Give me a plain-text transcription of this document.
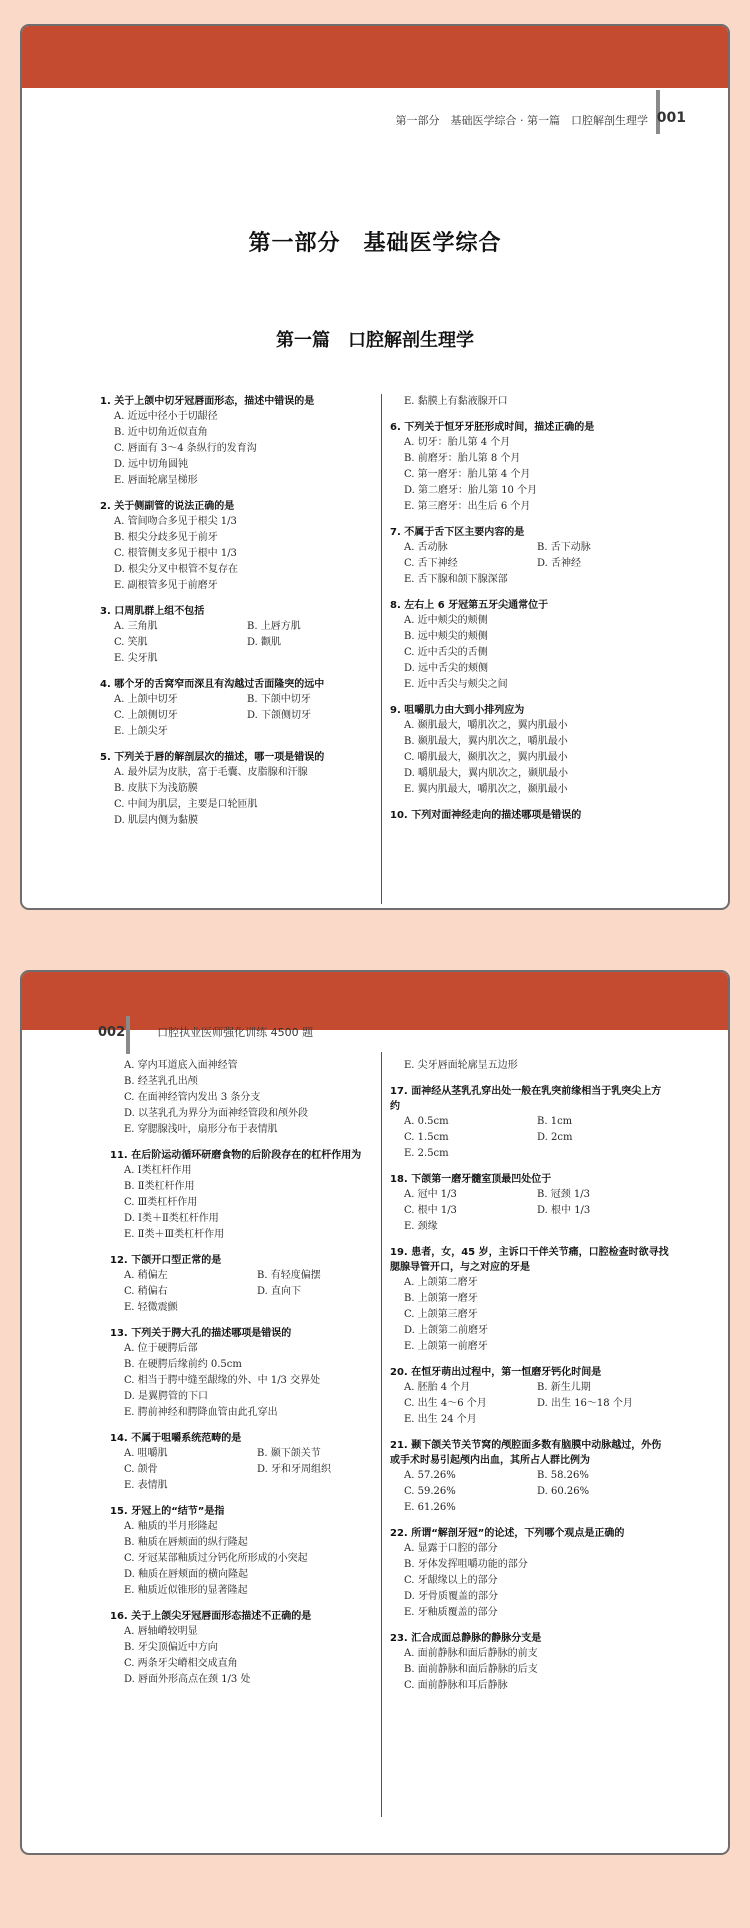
第一部分　基础医学综合 · 第一篇　口腔解剖生理学 001
第一部分　基础医学综合
第一篇　口腔解剖生理学
1. 关于上颌中切牙冠唇面形态，描述中错误的是
A. 近远中径小于切龈径
B. 近中切角近似直角
C. 唇面有 3～4 条纵行的发育沟
D. 远中切角圆钝
E. 唇面轮廓呈梯形
2. 关于侧副管的说法正确的是
A. 管间吻合多见于根尖 1/3
B. 根尖分歧多见于前牙
C. 根管侧支多见于根中 1/3
D. 根尖分叉中根管不复存在
E. 副根管多见于前磨牙
3. 口周肌群上组不包括
A. 三角肌	B. 上唇方肌
C. 笑肌	D. 颧肌
E. 尖牙肌
4. 哪个牙的舌窝窄而深且有沟越过舌面隆突的远中
A. 上颌中切牙	B. 下颌中切牙
C. 上颌侧切牙	D. 下颌侧切牙
E. 上颌尖牙
5. 下列关于唇的解剖层次的描述，哪一项是错误的
A. 最外层为皮肤，富于毛囊、皮脂腺和汗腺
B. 皮肤下为浅筋膜
C. 中间为肌层，主要是口轮匝肌
D. 肌层内侧为黏膜
E. 黏膜上有黏液腺开口
6. 下列关于恒牙牙胚形成时间，描述正确的是
A. 切牙：胎儿第 4 个月
B. 前磨牙：胎儿第 8 个月
C. 第一磨牙：胎儿第 4 个月
D. 第二磨牙：胎儿第 10 个月
E. 第三磨牙：出生后 6 个月
7. 不属于舌下区主要内容的是
A. 舌动脉	B. 舌下动脉
C. 舌下神经	D. 舌神经
E. 舌下腺和颌下腺深部
8. 左右上 6 牙冠第五牙尖通常位于
A. 近中颊尖的颊侧
B. 远中颊尖的颊侧
C. 近中舌尖的舌侧
D. 远中舌尖的颊侧
E. 近中舌尖与颊尖之间
9. 咀嚼肌力由大到小排列应为
A. 颞肌最大，嚼肌次之，翼内肌最小
B. 颞肌最大，翼内肌次之，嚼肌最小
C. 嚼肌最大，颞肌次之，翼内肌最小
D. 嚼肌最大，翼内肌次之，颞肌最小
E. 翼内肌最大，嚼肌次之，颞肌最小
10. 下列对面神经走向的描述哪项是错误的
002	口腔执业医师强化训练 4500 题
A. 穿内耳道底入面神经管
B. 经茎乳孔出颅
C. 在面神经管内发出 3 条分支
D. 以茎乳孔为界分为面神经管段和颅外段
E. 穿腮腺浅叶，扇形分布于表情肌
11. 在后阶运动循环研磨食物的后阶段存在的杠杆作用为
A. Ⅰ类杠杆作用
B. Ⅱ类杠杆作用
C. Ⅲ类杠杆作用
D. Ⅰ类＋Ⅱ类杠杆作用
E. Ⅱ类＋Ⅲ类杠杆作用
12. 下颌开口型正常的是
A. 稍偏左	B. 有轻度偏摆
C. 稍偏右	D. 直向下
E. 轻微震颤
13. 下列关于腭大孔的描述哪项是错误的
A. 位于硬腭后部
B. 在硬腭后缘前约 0.5cm
C. 相当于腭中缝至龈缘的外、中 1/3 交界处
D. 是翼腭管的下口
E. 腭前神经和腭降血管由此孔穿出
14. 不属于咀嚼系统范畴的是
A. 咀嚼肌	B. 颞下颌关节
C. 颌骨	D. 牙和牙周组织
E. 表情肌
15. 牙冠上的“结节”是指
A. 釉质的半月形隆起
B. 釉质在唇颊面的纵行隆起
C. 牙冠某部釉质过分钙化所形成的小突起
D. 釉质在唇颊面的横向隆起
E. 釉质近似锥形的显著隆起
16. 关于上颌尖牙冠唇面形态描述不正确的是
A. 唇轴嵴较明显
B. 牙尖顶偏近中方向
C. 两条牙尖嵴相交成直角
D. 唇面外形高点在颈 1/3 处
E. 尖牙唇面轮廓呈五边形
17. 面神经从茎乳孔穿出处一般在乳突前缘相当于乳突尖上方约
A. 0.5cm	B. 1cm
C. 1.5cm	D. 2cm
E. 2.5cm
18. 下颌第一磨牙髓室顶最凹处位于
A. 冠中 1/3	B. 冠颈 1/3
C. 根中 1/3	D. 根中 1/3
E. 颈缘
19. 患者，女，45 岁，主诉口干伴关节痛，口腔检查时欲寻找腮腺导管开口，与之对应的牙是
A. 上颌第二磨牙
B. 上颌第一磨牙
C. 上颌第三磨牙
D. 上颌第二前磨牙
E. 上颌第一前磨牙
20. 在恒牙萌出过程中，第一恒磨牙钙化时间是
A. 胚胎 4 个月	B. 新生儿期
C. 出生 4～6 个月	D. 出生 16～18 个月
E. 出生 24 个月
21. 颞下颌关节关节窝的颅腔面多数有脑膜中动脉越过，外伤或手术时易引起颅内出血，其所占人群比例为
A. 57.26%	B. 58.26%
C. 59.26%	D. 60.26%
E. 61.26%
22. 所谓“解剖牙冠”的论述，下列哪个观点是正确的
A. 显露于口腔的部分
B. 牙体发挥咀嚼功能的部分
C. 牙龈缘以上的部分
D. 牙骨质覆盖的部分
E. 牙釉质覆盖的部分
23. 汇合成面总静脉的静脉分支是
A. 面前静脉和面后静脉的前支
B. 面前静脉和面后静脉的后支
C. 面前静脉和耳后静脉
